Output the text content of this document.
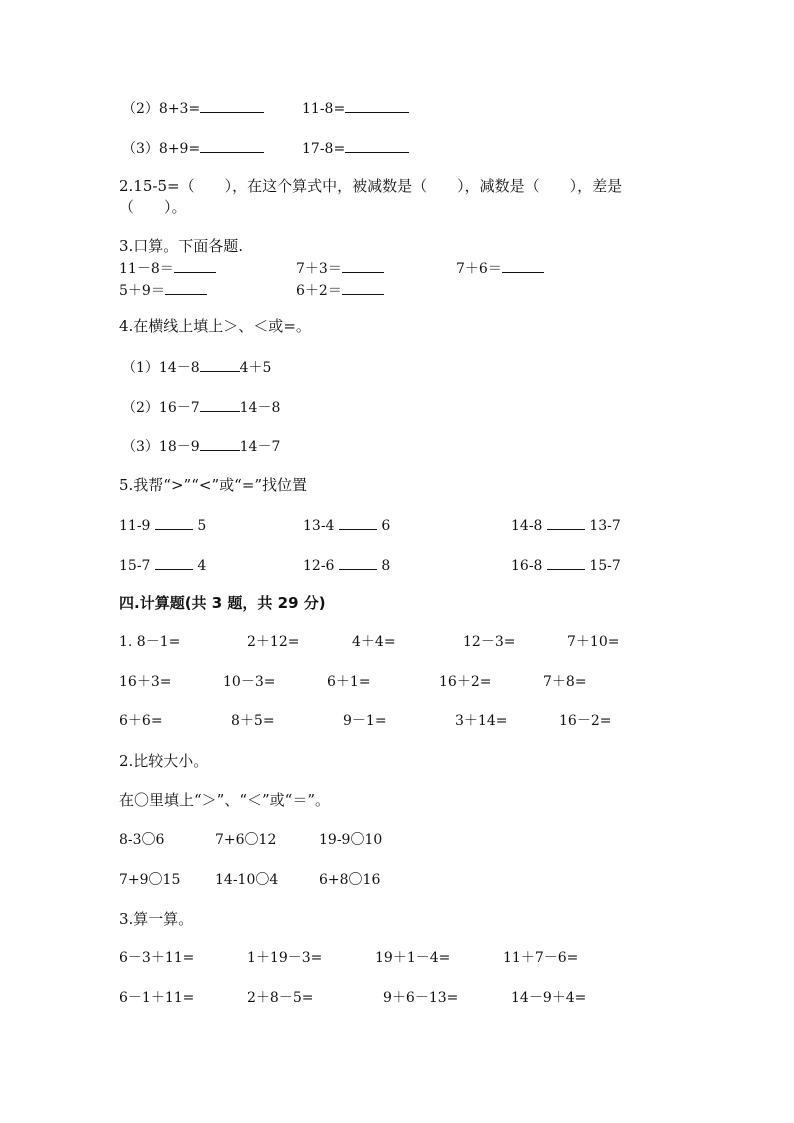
（2）8+3=	11-8=
（3）8+9=	17-8=
2.15-5=（　　），在这个算式中，被减数是（　　），减数是（　　），差是
（　　）。
3.口算。下面各题.
11－8＝	7＋3＝	7＋6＝
5＋9＝	6＋2＝
4.在横线上填上＞、＜或=。
（1）14－8	4＋5
（2）16－7	14－8
（3）18－9	14－7
5.我帮“>”“<”或“=”找位置
11-9	5	13-4	6	14-8	13-7
15-7	4	12-6	8	16-8	15-7
四.计算题(共 3 题，共 29 分)
1. 8－1=	2＋12=	4＋4=	12－3=	7＋10=
16＋3=	10－3=	6＋1=	16＋2=	7＋8=
6＋6=	8＋5=	9－1=	3＋14=	16－2=
2.比较大小。
在〇里填上“＞”、“＜”或“＝”。
8-3〇6	7+6〇12	19-9〇10
7+9〇15 14-10〇4	6+8〇16
3.算一算。
6－3＋11=	1＋19－3=	19＋1－4=	11＋7－6=
6－1＋11=	2＋8－5=	9＋6－13=	14－9＋4=
